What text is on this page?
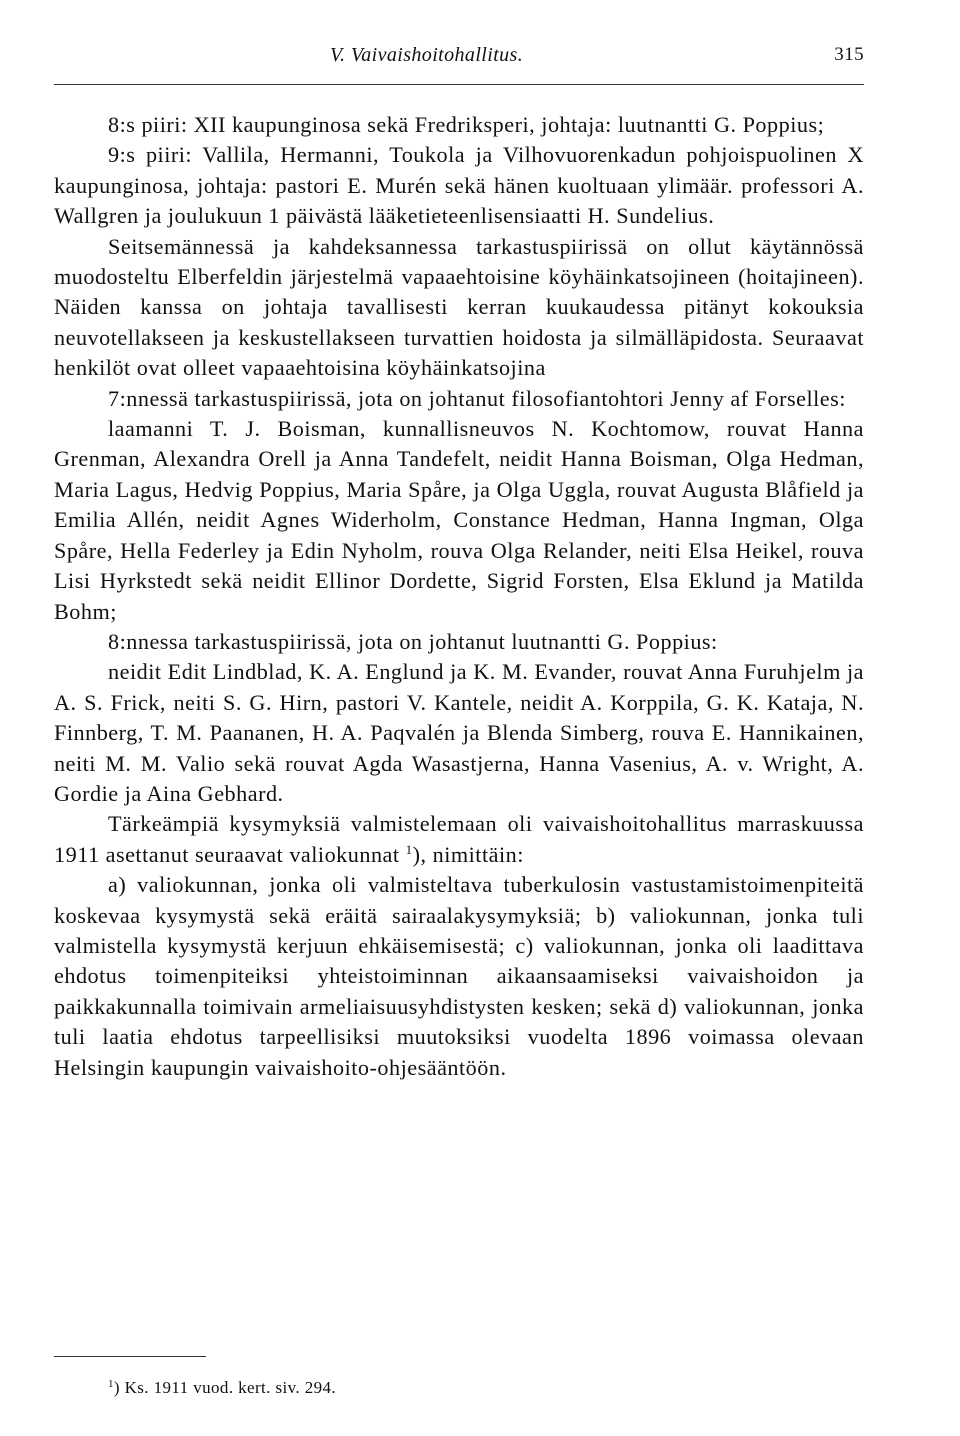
V. Vaivaishoitohallitus.	315

8:s piiri: XII kaupunginosa sekä Fredriksperi, johtaja: luutnantti G. Poppius;

9:s piiri: Vallila, Hermanni, Toukola ja Vilhovuorenkadun pohjoispuolinen X kaupunginosa, johtaja: pastori E. Murén sekä hänen kuoltuaan ylimäär. professori A. Wallgren ja joulukuun 1 päivästä lääketieteenlisensiaatti H. Sundelius.

Seitsemännessä ja kahdeksannessa tarkastuspiirissä on ollut käytännössä muodosteltu Elberfeldin järjestelmä vapaaehtoisine köyhäinkatsojineen (hoitajineen). Näiden kanssa on johtaja tavallisesti kerran kuukaudessa pitänyt kokouksia neuvotellakseen ja keskustellakseen turvattien hoidosta ja silmälläpidosta. Seuraavat henkilöt ovat olleet vapaaehtoisina köyhäinkatsojina

7:nnessä tarkastuspiirissä, jota on johtanut filosofiantohtori Jenny af Forselles:

laamanni T. J. Boisman, kunnallisneuvos N. Kochtomow, rouvat Hanna Grenman, Alexandra Orell ja Anna Tandefelt, neidit Hanna Boisman, Olga Hedman, Maria Lagus, Hedvig Poppius, Maria Spåre, ja Olga Uggla, rouvat Augusta Blåfield ja Emilia Allén, neidit Agnes Widerholm, Constance Hedman, Hanna Ingman, Olga Spåre, Hella Federley ja Edin Nyholm, rouva Olga Relander, neiti Elsa Heikel, rouva Lisi Hyrkstedt sekä neidit Ellinor Dordette, Sigrid Forsten, Elsa Eklund ja Matilda Bohm;

8:nnessa tarkastuspiirissä, jota on johtanut luutnantti G. Poppius:

neidit Edit Lindblad, K. A. Englund ja K. M. Evander, rouvat Anna Furuhjelm ja A. S. Frick, neiti S. G. Hirn, pastori V. Kantele, neidit A. Korppila, G. K. Kataja, N. Finnberg, T. M. Paananen, H. A. Paqvalén ja Blenda Simberg, rouva E. Hannikainen, neiti M. M. Valio sekä rouvat Agda Wasastjerna, Hanna Vasenius, A. v. Wright, A. Gordie ja Aina Gebhard.

Tärkeämpiä kysymyksiä valmistelemaan oli vaivaishoitohallitus marraskuussa 1911 asettanut seuraavat valiokunnat $^1$), nimittäin:

a) valiokunnan, jonka oli valmisteltava tuberkulosin vastustamistoimenpiteitä koskevaa kysymystä sekä eräitä sairaalakysymyksiä; b) valiokunnan, jonka tuli valmistella kysymystä kerjuun ehkäisemisestä; c) valiokunnan, jonka oli laadittava ehdotus toimenpiteiksi yhteistoiminnan aikaansaamiseksi vaivaishoidon ja paikkakunnalla toimivain armeliaisuusyhdistysten kesken; sekä d) valiokunnan, jonka tuli laatia ehdotus tarpeellisiksi muutoksiksi vuodelta 1896 voimassa olevaan Helsingin kaupungin vaivaishoito-ohjesääntöön.

$^1$) Ks. 1911 vuod. kert. siv. 294.
